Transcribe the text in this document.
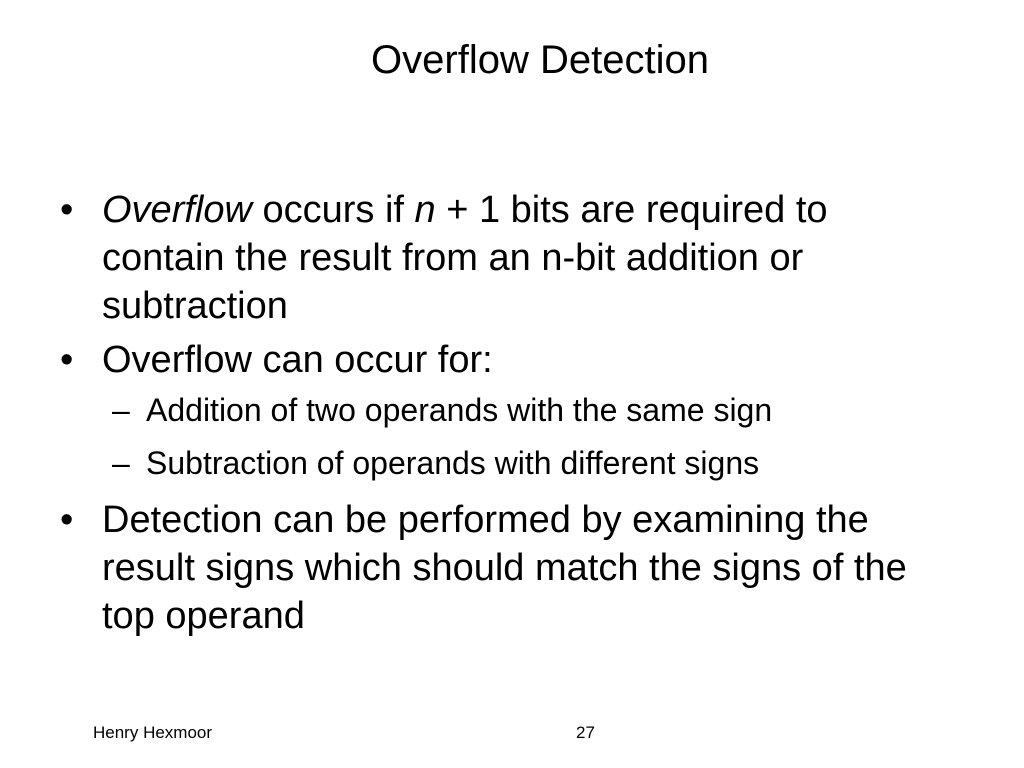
Overflow Detection
• Overflow occurs if n + 1 bits are required to contain the result from an n-bit addition or subtraction
• Overflow can occur for:
– Addition of two operands with the same sign
– Subtraction of operands with different signs
• Detection can be performed by examining the result signs which should match the signs of the top operand
Henry Hexmoor	27
